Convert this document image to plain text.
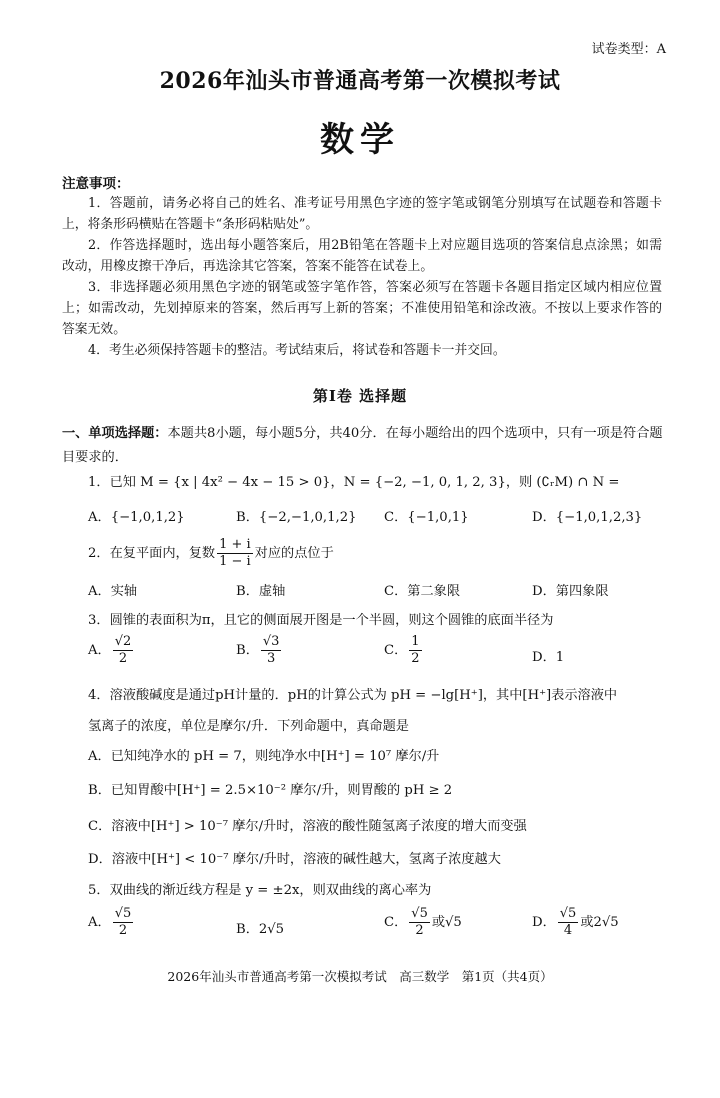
试卷类型：A
2026年汕头市普通高考第一次模拟考试
数学
注意事项：

1．答题前，请务必将自己的姓名、准考证号用黑色字迹的签字笔或钢笔分别填写在试题卷和答题卡上，将条形码横贴在答题卡“条形码粘贴处”。

2．作答选择题时，选出每小题答案后，用2B铅笔在答题卡上对应题目选项的答案信息点涂黑；如需改动，用橡皮擦干净后，再选涂其它答案，答案不能答在试卷上。

3．非选择题必须用黑色字迹的钢笔或签字笔作答，答案必须写在答题卡各题目指定区域内相应位置上；如需改动，先划掉原来的答案，然后再写上新的答案；不准使用铅笔和涂改液。不按以上要求作答的答案无效。

4．考生必须保持答题卡的整洁。考试结束后，将试卷和答题卡一并交回。

第Ⅰ卷 选择题
一、单项选择题：本题共8小题，每小题5分，共40分．在每小题给出的四个选项中，只有一项是符合题目要求的．
1．已知 M = {x | 4x² − 4x − 15 > 0}，N = {−2, −1, 0, 1, 2, 3}，则 (∁ᵣM) ∩ N =
A．{−1,0,1,2}	B．{−2,−1,0,1,2} C．{−1,0,1}	D．{−1,0,1,2,3}
2．在复平面内，复数 $\frac{1 + i}{1 - i}$ 对应的点位于
A．实轴	B．虚轴	C．第二象限	D．第四象限
3．圆锥的表面积为π，且它的侧面展开图是一个半圆，则这个圆锥的底面半径为
A． $\frac{√2}{2}$	B． $\frac{√3}{3}$	C． $\frac{1}{2}$	D．1
4．溶液酸碱度是通过pH计量的．pH的计算公式为 pH = −lg[H⁺]，其中[H⁺]表示溶液中
氢离子的浓度，单位是摩尔/升．下列命题中，真命题是
A．已知纯净水的 pH = 7，则纯净水中[H⁺] = 10⁷ 摩尔/升
B．已知胃酸中[H⁺] = 2.5×10⁻² 摩尔/升，则胃酸的 pH ≥ 2
C．溶液中[H⁺] > 10⁻⁷ 摩尔/升时，溶液的酸性随氢离子浓度的增大而变强
D．溶液中[H⁺] < 10⁻⁷ 摩尔/升时，溶液的碱性越大，氢离子浓度越大
5．双曲线的渐近线方程是 y = ±2x，则双曲线的离心率为
A． $\frac{√5}{2}$	B．2√5	C． $\frac{√5}{2}$ 或√5	D． $\frac{√5}{4}$ 或2√5
2026年汕头市普通高考第一次模拟考试　高三数学　第1页（共4页）
